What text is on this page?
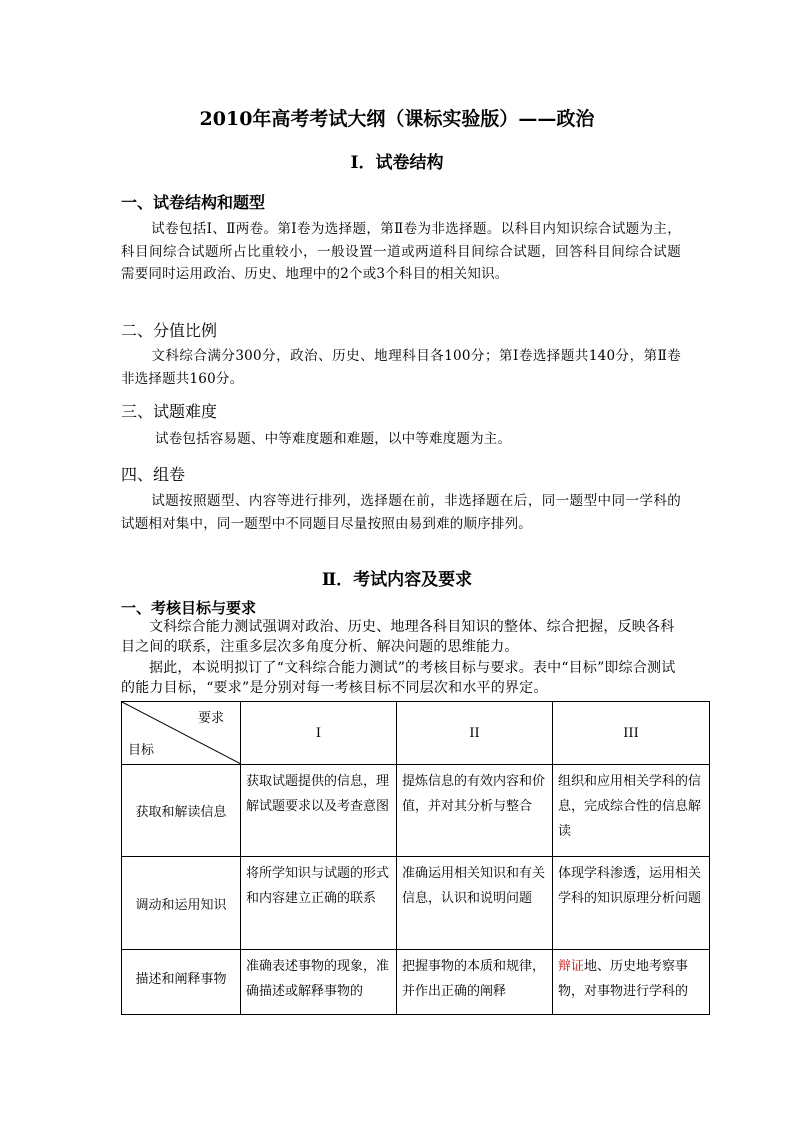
2010年高考考试大纲（课标实验版）——政治
Ⅰ．试卷结构
一、试卷结构和题型
试卷包括Ⅰ、Ⅱ两卷。第Ⅰ卷为选择题，第Ⅱ卷为非选择题。以科目内知识综合试题为主，科目间综合试题所占比重较小，一般设置一道或两道科目间综合试题，回答科目间综合试题需要同时运用政治、历史、地理中的2个或3个科目的相关知识。
二、分值比例
文科综合满分300分，政治、历史、地理科目各100分；第Ⅰ卷选择题共140分，第Ⅱ卷非选择题共160分。
三、试题难度
试卷包括容易题、中等难度题和难题，以中等难度题为主。
四、组卷
试题按照题型、内容等进行排列，选择题在前，非选择题在后，同一题型中同一学科的试题相对集中，同一题型中不同题目尽量按照由易到难的顺序排列。
Ⅱ．考试内容及要求
一、考核目标与要求
文科综合能力测试强调对政治、历史、地理各科目知识的整体、综合把握，反映各科目之间的联系，注重多层次多角度分析、解决问题的思维能力。
据此，本说明拟订了“文科综合能力测试”的考核目标与要求。表中“目标”即综合测试的能力目标，“要求”是分别对每一考核目标不同层次和水平的界定。
要求
目标	I	II	III
获取和解读信息	获取试题提供的信息，理解试题要求以及考查意图	提炼信息的有效内容和价值，并对其分析与整合	组织和应用相关学科的信息，完成综合性的信息解读
调动和运用知识	将所学知识与试题的形式和内容建立正确的联系	准确运用相关知识和有关信息，认识和说明问题	体现学科渗透，运用相关学科的知识原理分析问题
描述和阐释事物	准确表述事物的现象，准确描述或解释事物的	把握事物的本质和规律，并作出正确的阐释	辩证地、历史地考察事物，对事物进行学科的
